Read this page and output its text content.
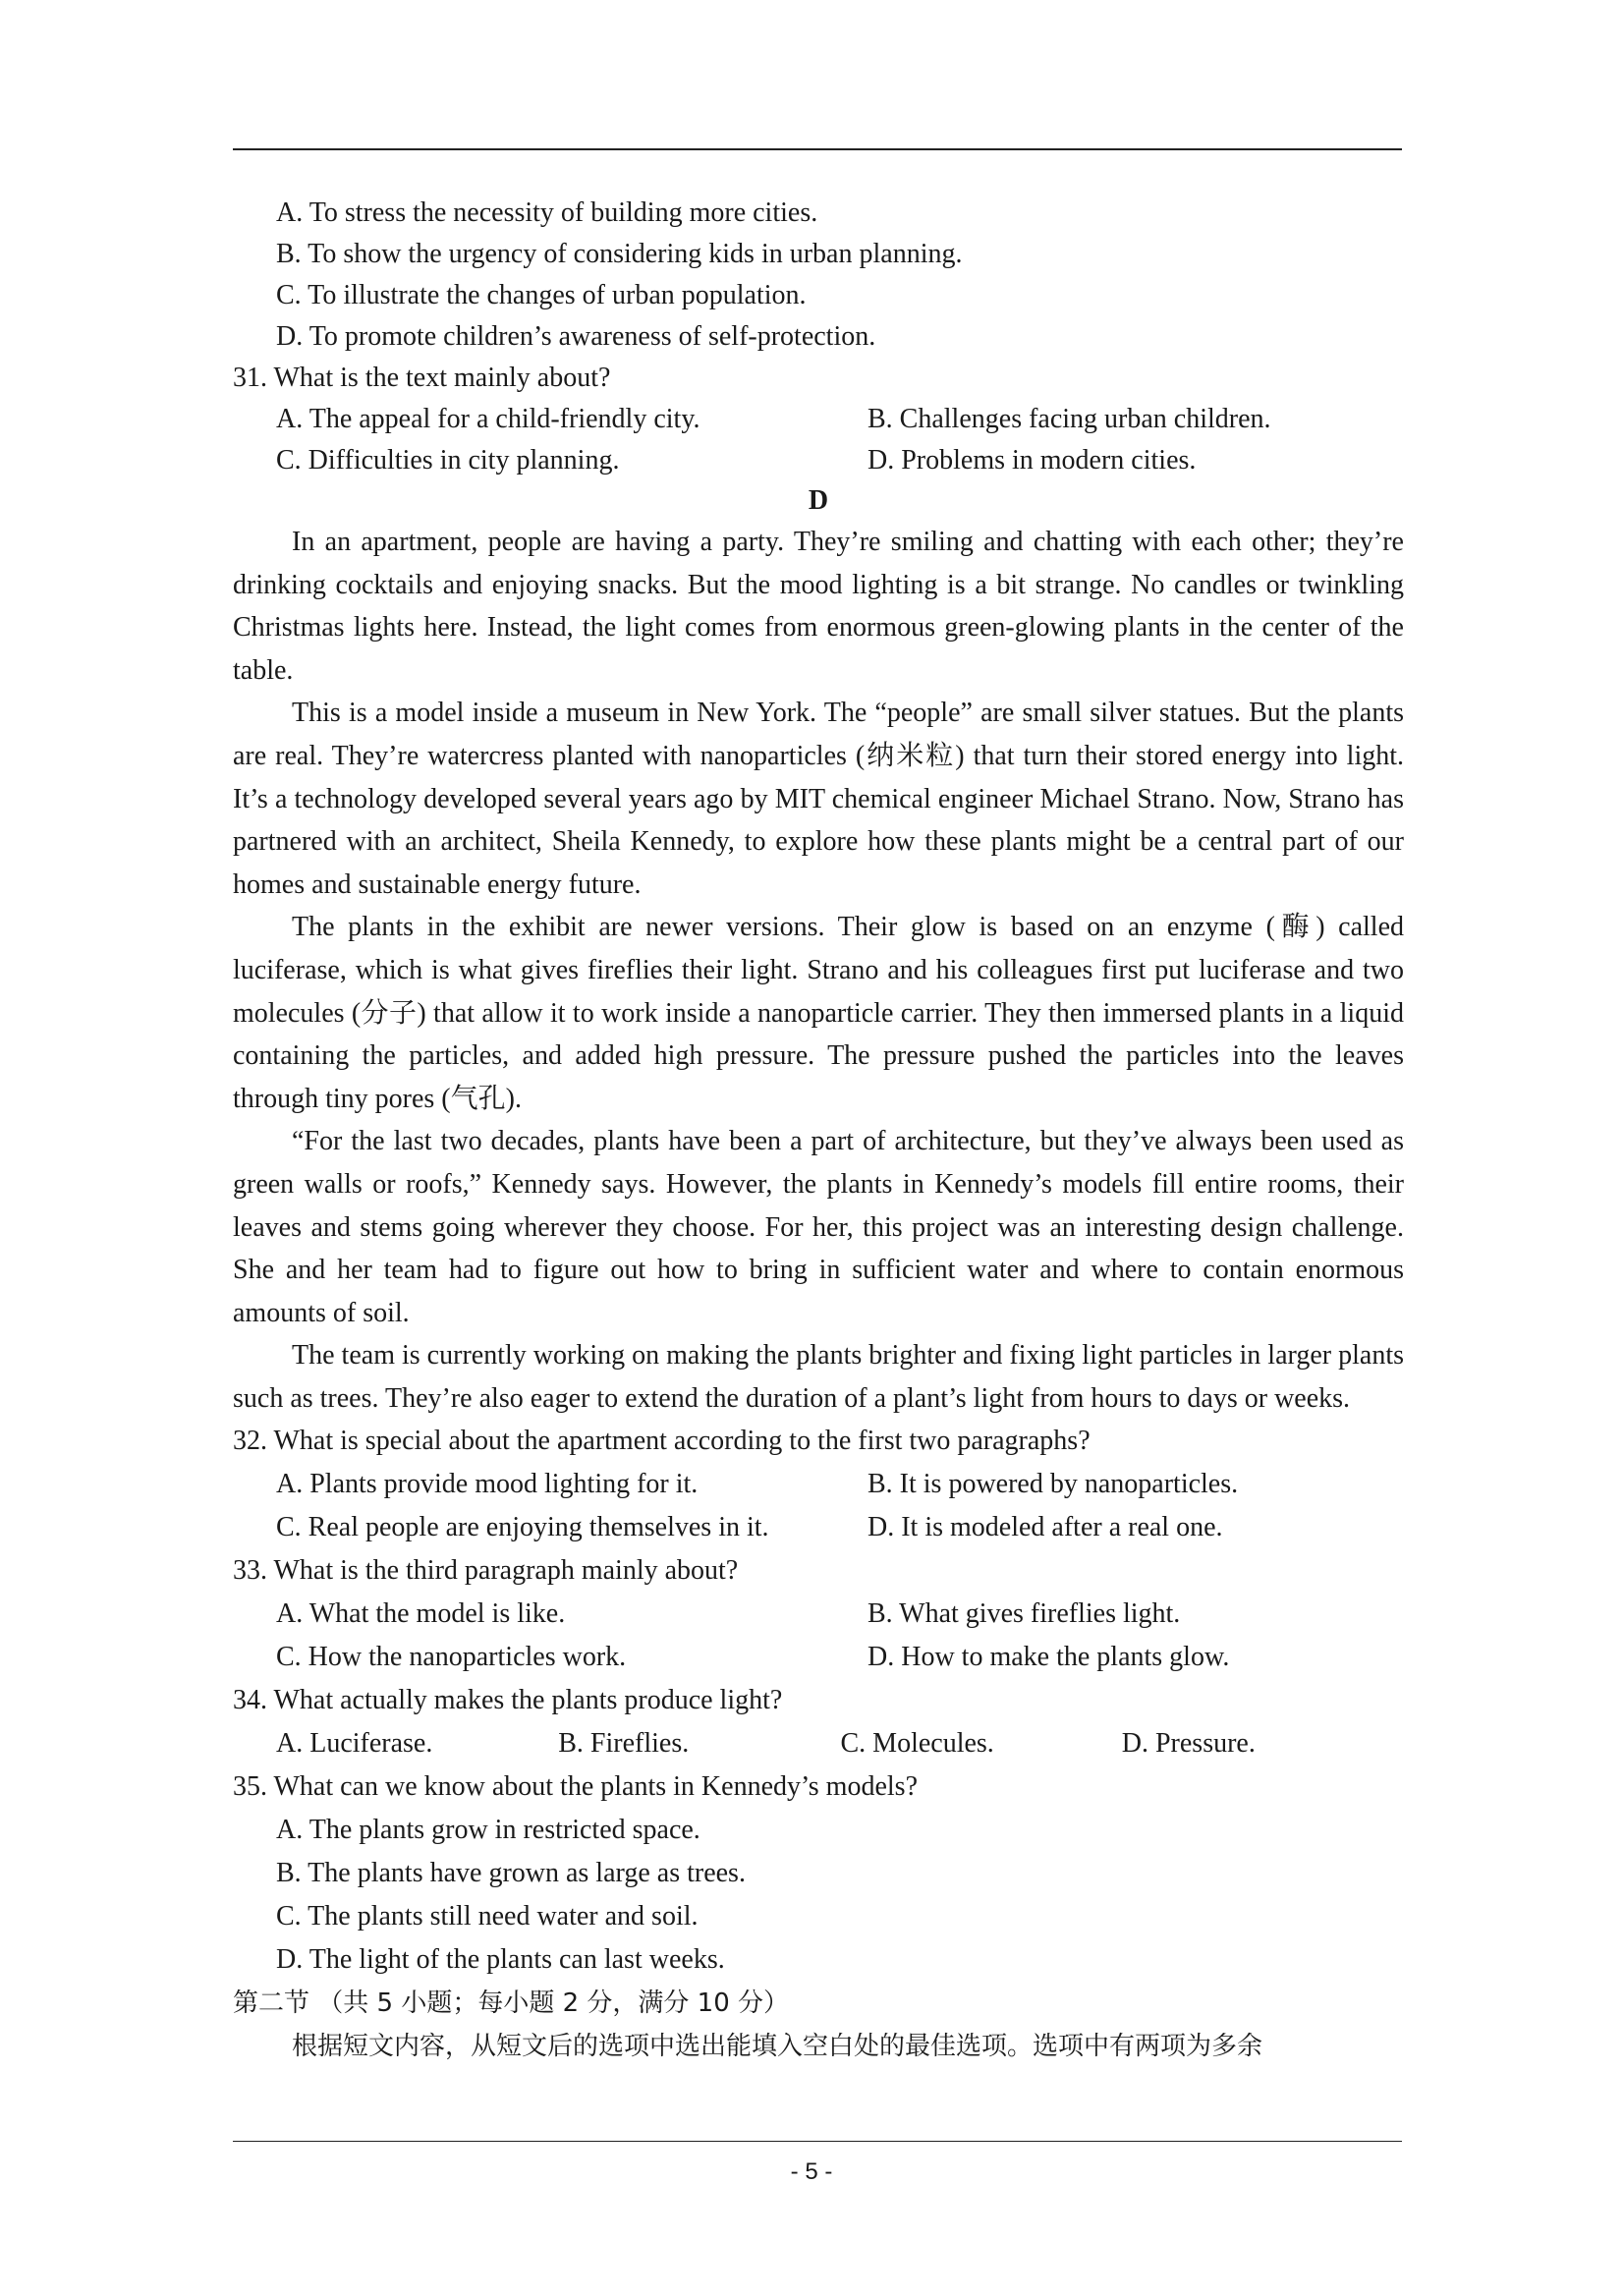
A. To stress the necessity of building more cities.
B. To show the urgency of considering kids in urban planning.
C. To illustrate the changes of urban population.
D. To promote children’s awareness of self-protection.
31. What is the text mainly about?
A. The appeal for a child-friendly city.	B. Challenges facing urban children.
C. Difficulties in city planning.	D. Problems in modern cities.
D

In an apartment, people are having a party. They’re smiling and chatting with each other; they’re drinking cocktails and enjoying snacks. But the mood lighting is a bit strange. No candles or twinkling Christmas lights here. Instead, the light comes from enormous green-glowing plants in the center of the table.

This is a model inside a museum in New York. The “people” are small silver statues. But the plants are real. They’re watercress planted with nanoparticles (纳米粒) that turn their stored energy into light. It’s a technology developed several years ago by MIT chemical engineer Michael Strano. Now, Strano has partnered with an architect, Sheila Kennedy, to explore how these plants might be a central part of our homes and sustainable energy future.

The plants in the exhibit are newer versions. Their glow is based on an enzyme (酶) called luciferase, which is what gives fireflies their light. Strano and his colleagues first put luciferase and two molecules (分子) that allow it to work inside a nanoparticle carrier. They then immersed plants in a liquid containing the particles, and added high pressure. The pressure pushed the particles into the leaves through tiny pores (气孔).

“For the last two decades, plants have been a part of architecture, but they’ve always been used as green walls or roofs,” Kennedy says. However, the plants in Kennedy’s models fill entire rooms, their leaves and stems going wherever they choose. For her, this project was an interesting design challenge. She and her team had to figure out how to bring in sufficient water and where to contain enormous amounts of soil.

The team is currently working on making the plants brighter and fixing light particles in larger plants such as trees. They’re also eager to extend the duration of a plant’s light from hours to days or weeks.

32. What is special about the apartment according to the first two paragraphs?
A. Plants provide mood lighting for it.	B. It is powered by nanoparticles.
C. Real people are enjoying themselves in it.	D. It is modeled after a real one.
33. What is the third paragraph mainly about?
A. What the model is like.	B. What gives fireflies light.
C. How the nanoparticles work.	D. How to make the plants glow.
34. What actually makes the plants produce light?
A. Luciferase.	B. Fireflies.	C. Molecules.	D. Pressure.
35. What can we know about the plants in Kennedy’s models?
A. The plants grow in restricted space.
B. The plants have grown as large as trees.
C. The plants still need water and soil.
D. The light of the plants can last weeks.
第二节 （共 5 小题；每小题 2 分，满分 10 分）
根据短文内容，从短文后的选项中选出能填入空白处的最佳选项。选项中有两项为多余
- 5 -
